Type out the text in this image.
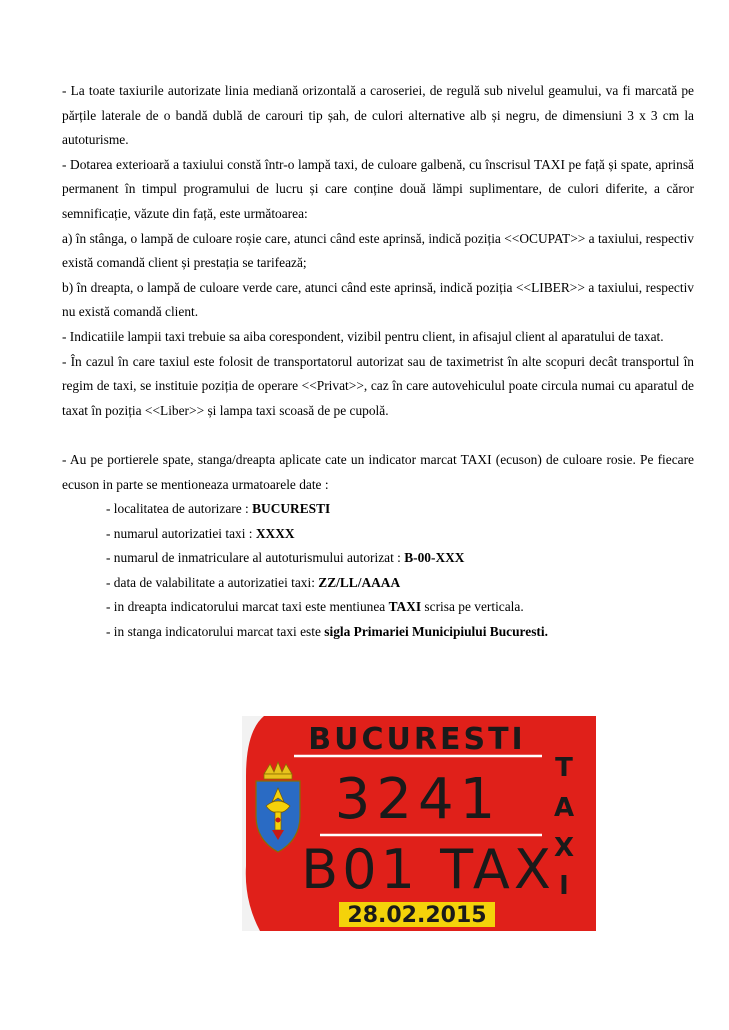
- La toate taxiurile autorizate linia mediană orizontală a caroseriei, de regulă sub nivelul geamului, va fi marcată pe părțile laterale de o bandă dublă de carouri tip șah, de culori alternative alb și negru, de dimensiuni 3 x 3 cm la autoturisme.

- Dotarea exterioară a taxiului constă într-o lampă taxi, de culoare galbenă, cu înscrisul TAXI pe față și spate, aprinsă permanent în timpul programului de lucru și care conține două lămpi suplimentare, de culori diferite, a căror semnificație, văzute din față, este următoarea:

a) în stânga, o lampă de culoare roșie care, atunci când este aprinsă, indică poziția <<OCUPAT>> a taxiului, respectiv există comandă client și prestația se tarifează;

b) în dreapta, o lampă de culoare verde care, atunci când este aprinsă, indică poziția <<LIBER>> a taxiului, respectiv nu există comandă client.

- Indicatiile lampii taxi trebuie sa aiba corespondent, vizibil pentru client, in afisajul client al aparatului de taxat.

- În cazul în care taxiul este folosit de transportatorul autorizat sau de taximetrist în alte scopuri decât transportul în regim de taxi, se instituie poziția de operare <<Privat>>, caz în care autovehiculul poate circula numai cu aparatul de taxat în poziția <<Liber>> și lampa taxi scoasă de pe cupolă.

- Au pe portierele spate, stanga/dreapta aplicate cate un indicator marcat TAXI (ecuson) de culoare rosie. Pe fiecare ecuson in parte se mentioneaza urmatoarele date :

- localitatea de autorizare : BUCURESTI
- numarul autorizatiei taxi : XXXX
- numarul de inmatriculare al autoturismului autorizat : B-00-XXX
- data de valabilitate a autorizatiei taxi: ZZ/LL/AAAA
- in dreapta indicatorului marcat taxi este mentiunea TAXI scrisa pe verticala.
- in stanga indicatorului marcat taxi este sigla Primariei Municipiului Bucuresti.
BUCURESTI
3241
B01 TAX
28.02.2015
T
A
X
I
